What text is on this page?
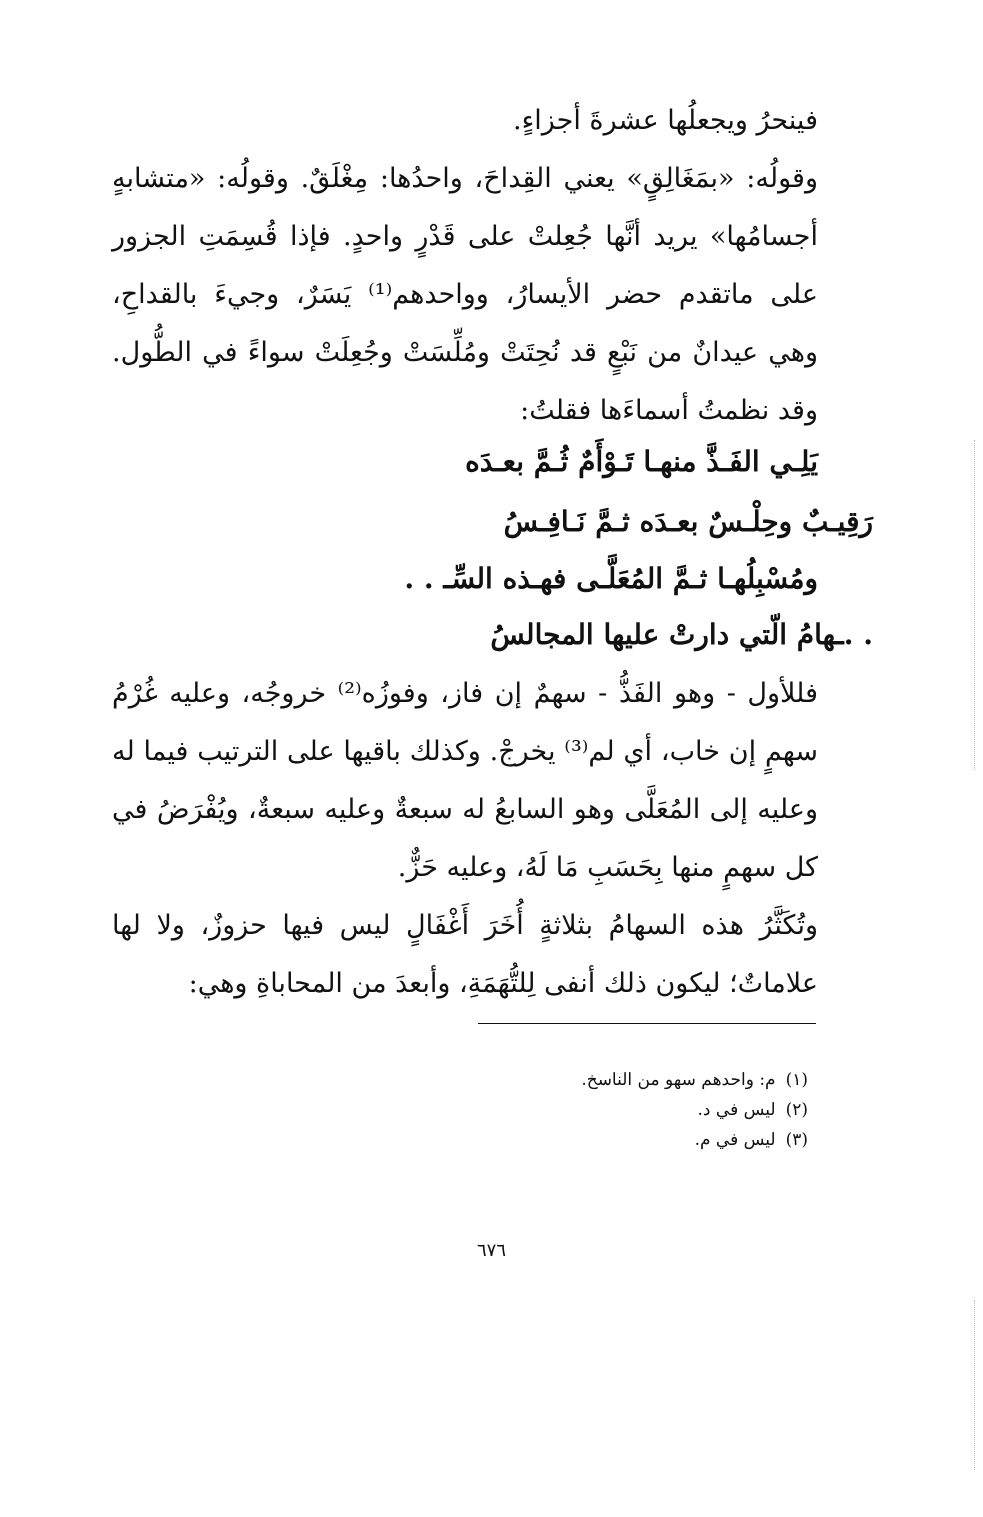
فينحرُ ويجعلُها عشرةَ أجزاءٍ.

وقولُه: «بمَغَالِقٍ» يعني القِداحَ، واحدُها: مِغْلَقٌ. وقولُه: «متشابهٍ أجسامُها» يريد أنَّها جُعِلتْ على قَدْرٍ واحدٍ. فإذا قُسِمَتِ الجزور على ماتقدم حضر الأيسارُ، وواحدهم⁽¹⁾ يَسَرٌ، وجيءَ بالقداحِ، وهي عيدانٌ من نَبْعٍ قد نُحِتَتْ ومُلِّسَتْ وجُعِلَتْ سواءً في الطُّول. وقد نظمتُ أسماءَها فقلتُ:

يَلِـي الفَـذَّ منهـا تَـوْأَمٌ ثُـمَّ بعـدَه
رَقِيـبٌ وحِلْـسٌ بعـدَه ثـمَّ نَـافِـسُ
ومُسْبِلُهـا ثـمَّ المُعَلَّـى فهـذه السِّـ . .
. .ـهامُ الّتي دارتْ عليها المجالسُ

فللأول - وهو الفَذُّ - سهمٌ إن فاز، وفوزُه⁽²⁾ خروجُه، وعليه غُرْمُ سهمٍ إن خاب، أي لم⁽³⁾ يخرجْ. وكذلك باقيها على الترتيب فيما له وعليه إلى المُعَلَّى وهو السابعُ له سبعةٌ وعليه سبعةٌ، ويُفْرَضُ في كل سهمٍ منها بِحَسَبِ مَا لَهُ، وعليه حَزٌّ.

وتُكَثَّرُ هذه السهامُ بثلاثةٍ أُخَرَ أَغْفَالٍ ليس فيها حزوزٌ، ولا لها علاماتٌ؛ ليكون ذلك أنفى لِلتُّهَمَةِ، وأبعدَ من المحاباةِ وهي:

(١)م: واحدهم سهو من الناسخ.
(٢)ليس في د.
(٣)ليس في م.
٦٧٦
